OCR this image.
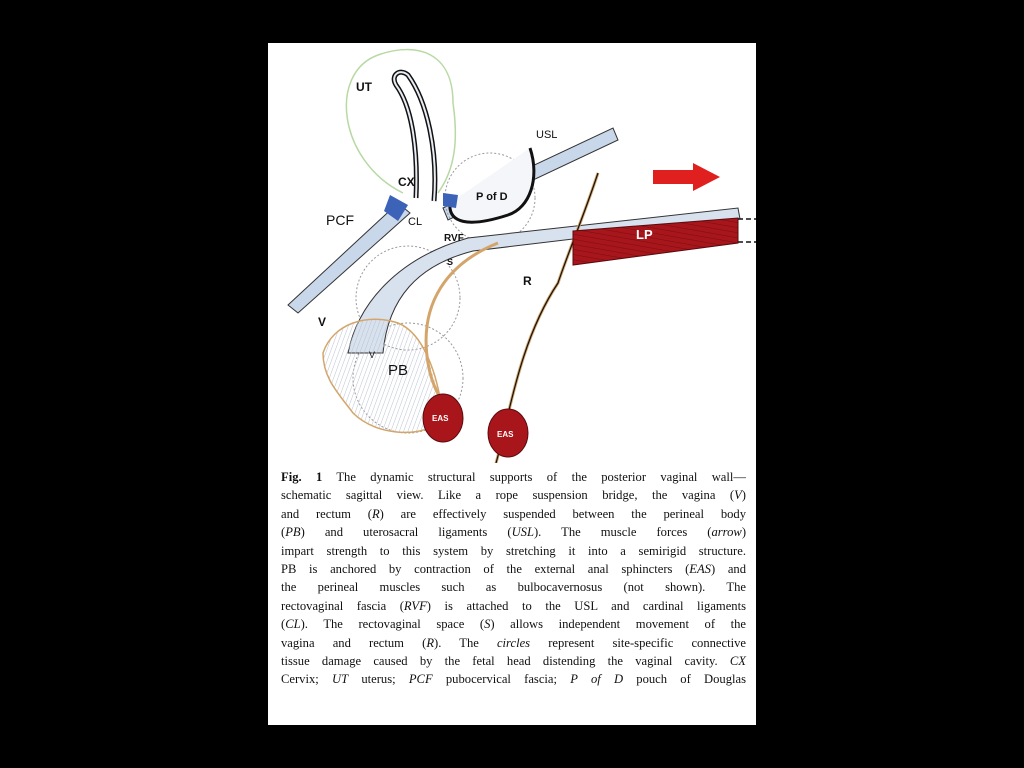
UT
USL
CX
P of D
PCF	CL
RVF
RVF
LP
S
R
V
V
PB
EAS
EAS
Fig. 1 The dynamic structural supports of the posterior vaginal wall—
schematic sagittal view. Like a rope suspension bridge, the vagina (V)
and rectum (R) are effectively suspended between the perineal body
(PB) and uterosacral ligaments (USL). The muscle forces (arrow)
impart strength to this system by stretching it into a semirigid structure.
PB is anchored by contraction of the external anal sphincters (EAS) and
the perineal muscles such as bulbocavernosus (not shown). The
rectovaginal fascia (RVF) is attached to the USL and cardinal ligaments
(CL). The rectovaginal space (S) allows independent movement of the
vagina and rectum (R). The circles represent site-specific connective
tissue damage caused by the fetal head distending the vaginal cavity. CX
Cervix; UT uterus; PCF pubocervical fascia; P of D pouch of Douglas
